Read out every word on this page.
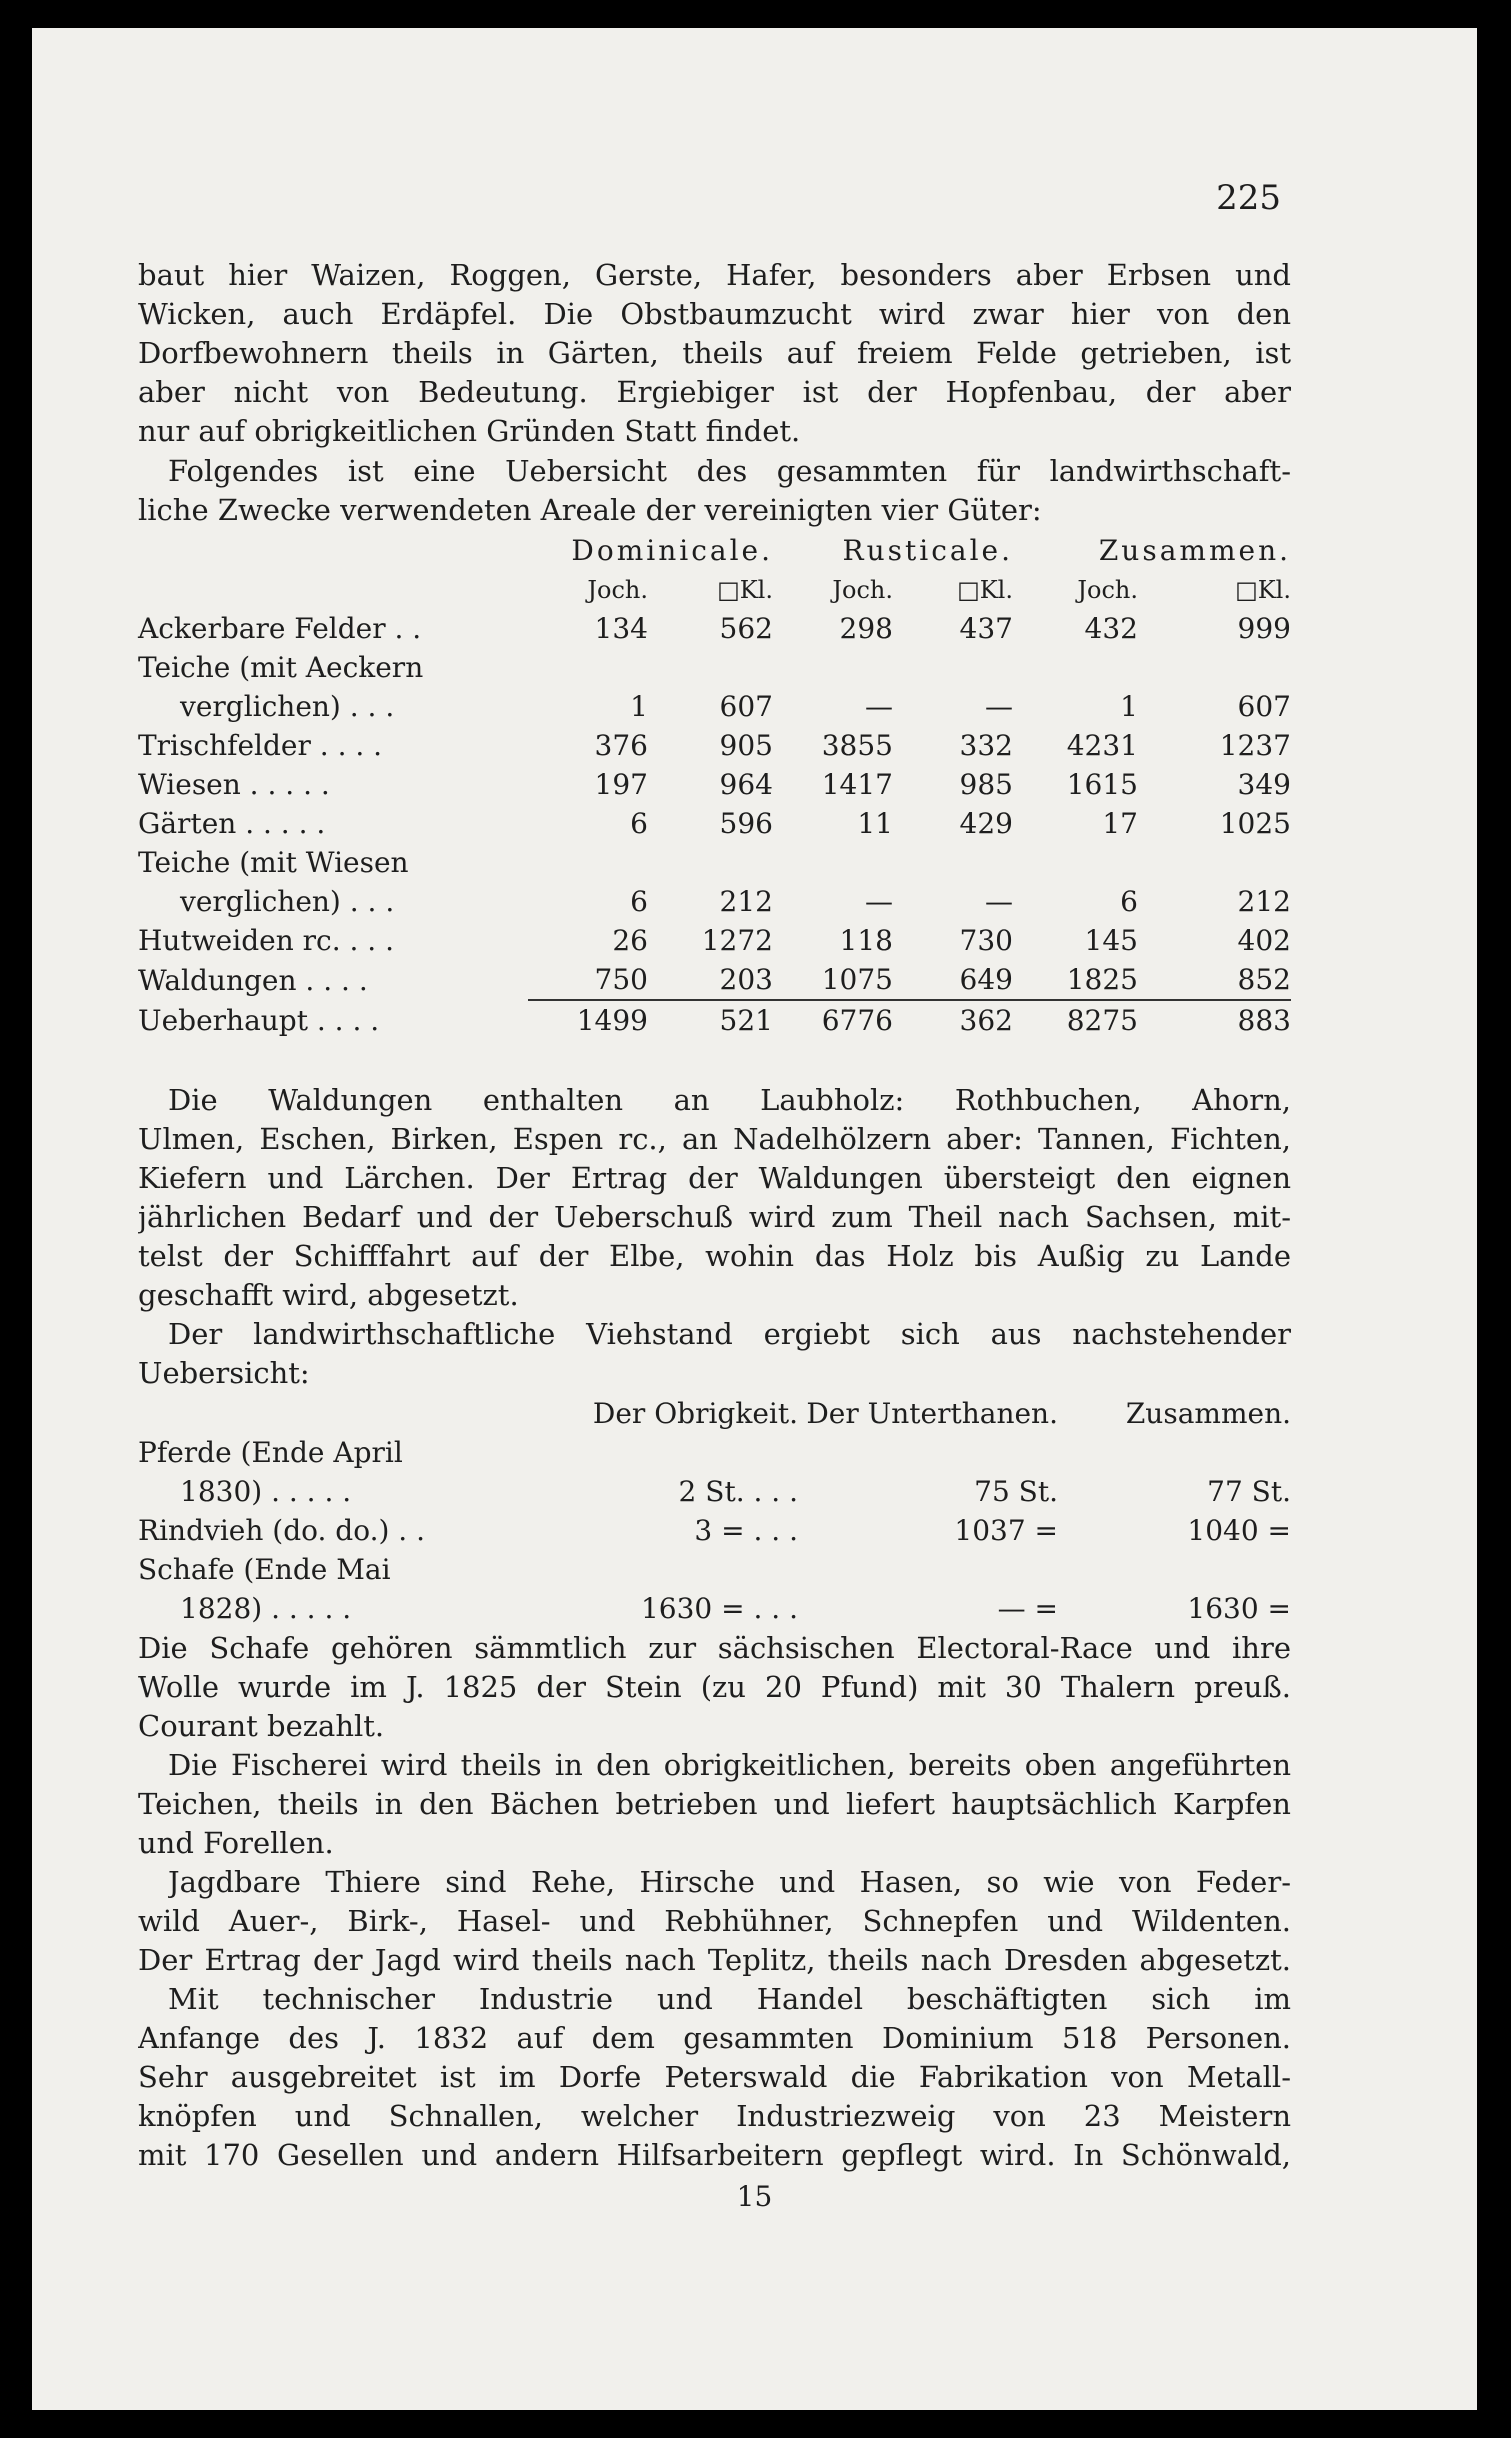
225
baut hier Waizen, Roggen, Gerste, Hafer, besonders aber Erbsen und
Wicken, auch Erdäpfel. Die Obstbaumzucht wird zwar hier von den
Dorfbewohnern theils in Gärten, theils auf freiem Felde getrieben, ist
aber nicht von Bedeutung. Ergiebiger ist der Hopfenbau, der aber
nur auf obrigkeitlichen Gründen Statt findet.
Folgendes ist eine Uebersicht des gesammten für landwirthschaft-
liche Zwecke verwendeten Areale der vereinigten vier Güter:
	Dominicale.		Rusticale.		Zusammen.	
	Joch.	□Kl.	Joch.	□Kl.	Joch.	□Kl.
Ackerbare Felder . .	134	562	298	437	432	999
Teiche (mit Aeckern						
verglichen) . . .	1	607	—	—	1	607
Trischfelder . . . .	376	905	3855	332	4231	1237
Wiesen . . . . .	197	964	1417	985	1615	349
Gärten . . . . .	6	596	11	429	17	1025
Teiche (mit Wiesen						
verglichen) . . .	6	212	—	—	6	212
Hutweiden rc. . . .	26	1272	118	730	145	402
Waldungen . . . .	750	203	1075	649	1825	852
Ueberhaupt . . . .	1499	521	6776	362	8275	883
Die Waldungen enthalten an Laubholz: Rothbuchen, Ahorn,
Ulmen, Eschen, Birken, Espen rc., an Nadelhölzern aber: Tannen, Fichten,
Kiefern und Lärchen. Der Ertrag der Waldungen übersteigt den eignen
jährlichen Bedarf und der Ueberschuß wird zum Theil nach Sachsen, mit-
telst der Schifffahrt auf der Elbe, wohin das Holz bis Außig zu Lande
geschafft wird, abgesetzt.
Der landwirthschaftliche Viehstand ergiebt sich aus nachstehender
Uebersicht:
	Der Obrigkeit.	Der Unterthanen.	Zusammen.
Pferde (Ende April			
1830) . . . . .	2 St. . . .	75 St.	77 St.
Rindvieh (do. do.) . .	3 = . . .	1037 =	1040 =
Schafe (Ende Mai			
1828) . . . . .	1630 = . . .	— =	1630 =
Die Schafe gehören sämmtlich zur sächsischen Electoral-Race und ihre
Wolle wurde im J. 1825 der Stein (zu 20 Pfund) mit 30 Thalern preuß.
Courant bezahlt.
Die Fischerei wird theils in den obrigkeitlichen, bereits oben angeführten
Teichen, theils in den Bächen betrieben und liefert hauptsächlich Karpfen
und Forellen.
Jagdbare Thiere sind Rehe, Hirsche und Hasen, so wie von Feder-
wild Auer-, Birk-, Hasel- und Rebhühner, Schnepfen und Wildenten.
Der Ertrag der Jagd wird theils nach Teplitz, theils nach Dresden abgesetzt.
Mit technischer Industrie und Handel beschäftigten sich im
Anfange des J. 1832 auf dem gesammten Dominium 518 Personen.
Sehr ausgebreitet ist im Dorfe Peterswald die Fabrikation von Metall-
knöpfen und Schnallen, welcher Industriezweig von 23 Meistern
mit 170 Gesellen und andern Hilfsarbeitern gepflegt wird. In Schönwald,
15
